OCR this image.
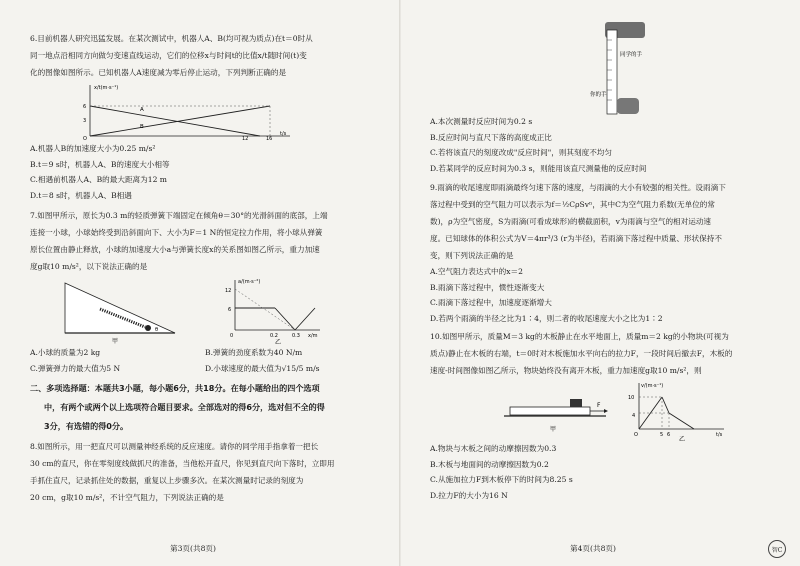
6.目前机器人研究迅猛发展。在某次测试中，机器人A、B(均可视为质点)在t＝0时从

同一地点沿相同方向做匀变速直线运动，它们的位移x与时间t的比值x/t随时间(t)变

化的图像如图所示。已知机器人A速度减为零后停止运动，下列判断正确的是

x/t(m·s⁻¹)
t/s
6
3
O	12	16
A
B

A.机器人B的加速度大小为0.25 m/s²

B.t＝9 s时，机器人A、B的速度大小相等

C.相遇前机器人A、B的最大距离为12 m

D.t＝8 s时，机器人A、B相遇

7.如图甲所示，原长为0.3 m的轻质弹簧下端固定在倾角θ＝30°的光滑斜面的底部，上端

连接一小球，小球始终受到沿斜面向下、大小为F＝1 N的恒定拉力作用，将小球从弹簧

原长位置由静止释放，小球的加速度大小a与弹簧长度x的关系图如图乙所示，重力加速

度g取10 m/s²，以下说法正确的是

θ
甲
a/(m·s⁻²)
12
6
0	0.2	0.3 x/m
乙

A.小球的质量为2 kg	B.弹簧的劲度系数为40 N/m

C.弹簧弹力的最大值为5 N	D.小球速度的最大值为√15/5 m/s

二、多项选择题：本题共3小题，每小题6分，共18分。在每小题给出的四个选项

中，有两个或两个以上选项符合题目要求。全部选对的得6分，选对但不全的得

3分，有选错的得0分。

8.如图所示，用一把直尺可以测量神经系统的反应速度。请你的同学用手指拿着一把长

30 cm的直尺，你在零刻度线做抓尺的准备，当他松开直尺，你见到直尺向下落时，立即用

手抓住直尺，记录抓住处的数据，重复以上步骤多次。在某次测量时记录的刻度为

20 cm，g取10 m/s²，不计空气阻力，下列说法正确的是

第3页(共8页)
同学的手
你的手

A.本次测量时反应时间为0.2 s

B.反应时间与直尺下落的高度成正比

C.若将该直尺的刻度改成"反应时间"，则其刻度不均匀

D.若某同学的反应时间为0.3 s，则能用该直尺测量他的反应时间

9.雨滴的收尾速度即雨滴最终匀速下落的速度，与雨滴的大小有较强的相关性。设雨滴下

落过程中受到的空气阻力可以表示为f＝½CρSvⁿ，其中C为空气阻力系数(无单位的常

数)，ρ为空气密度，S为雨滴(可看成球形)的横截面积，v为雨滴与空气的相对运动速

度。已知球体的体积公式为V＝4πr³/3 (r为半径)，若雨滴下落过程中质量、形状保持不

变，则下列说法正确的是

A.空气阻力表达式中的x＝2

B.雨滴下落过程中，惯性逐渐变大

C.雨滴下落过程中，加速度逐渐增大

D.若两个雨滴的半径之比为1∶4，则二者的收尾速度大小之比为1∶2

10.如图甲所示，质量M＝3 kg的木板静止在水平地面上，质量m＝2 kg的小物块(可视为

质点)静止在木板的右端，t＝0时对木板施加水平向右的拉力F，一段时间后撤去F，木板的

速度-时间图像如图乙所示，物块始终没有离开木板，重力加速度g取10 m/s²，则

F
甲
v/(m·s⁻¹)
10
4
O	5 6	t/s
乙

A.物块与木板之间的动摩擦因数为0.3

B.木板与地面间的动摩擦因数为0.2

C.从施加拉力F到木板停下的时间为8.25 s

D.拉力F的大小为16 N

第4页(共8页)	智C
